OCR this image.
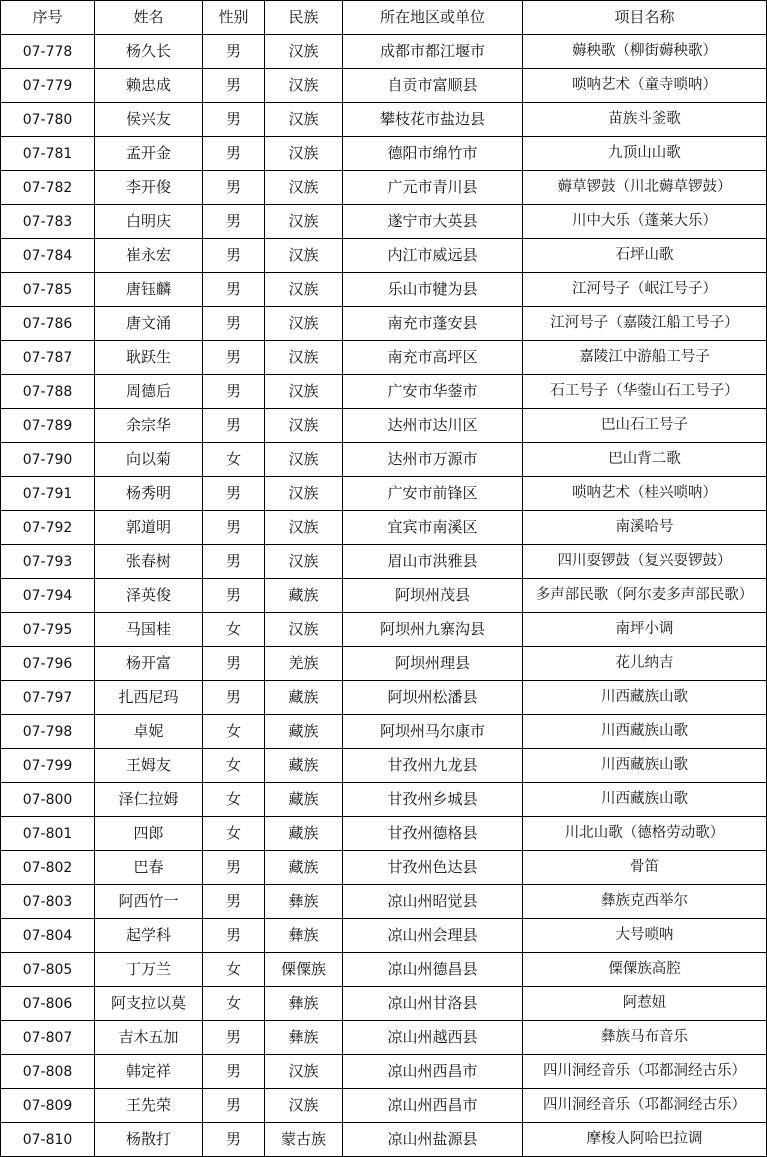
序号	姓名	性别	民族	所在地区或单位	项目名称
07-778	杨久长	男	汉族	成都市都江堰市	薅秧歌（柳街薅秧歌）
07-779	赖忠成	男	汉族	自贡市富顺县	唢呐艺术（童寺唢呐）
07-780	侯兴友	男	汉族	攀枝花市盐边县	苗族斗釜歌
07-781	孟开金	男	汉族	德阳市绵竹市	九顶山山歌
07-782	李开俊	男	汉族	广元市青川县	薅草锣鼓（川北薅草锣鼓）
07-783	白明庆	男	汉族	遂宁市大英县	川中大乐（蓬莱大乐）
07-784	崔永宏	男	汉族	内江市威远县	石坪山歌
07-785	唐钰麟	男	汉族	乐山市犍为县	江河号子（岷江号子）
07-786	唐文涌	男	汉族	南充市蓬安县	江河号子（嘉陵江船工号子）
07-787	耿跃生	男	汉族	南充市高坪区	嘉陵江中游船工号子
07-788	周德后	男	汉族	广安市华蓥市	石工号子（华蓥山石工号子）
07-789	余宗华	男	汉族	达州市达川区	巴山石工号子
07-790	向以菊	女	汉族	达州市万源市	巴山背二歌
07-791	杨秀明	男	汉族	广安市前锋区	唢呐艺术（桂兴唢呐）
07-792	郭道明	男	汉族	宜宾市南溪区	南溪哈号
07-793	张春树	男	汉族	眉山市洪雅县	四川耍锣鼓（复兴耍锣鼓）
07-794	泽英俊	男	藏族	阿坝州茂县	多声部民歌（阿尔麦多声部民歌）
07-795	马国桂	女	汉族	阿坝州九寨沟县	南坪小调
07-796	杨开富	男	羌族	阿坝州理县	花儿纳吉
07-797	扎西尼玛	男	藏族	阿坝州松潘县	川西藏族山歌
07-798	卓妮	女	藏族	阿坝州马尔康市	川西藏族山歌
07-799	王姆友	女	藏族	甘孜州九龙县	川西藏族山歌
07-800	泽仁拉姆	女	藏族	甘孜州乡城县	川西藏族山歌
07-801	四郎	女	藏族	甘孜州德格县	川北山歌（德格劳动歌）
07-802	巴春	男	藏族	甘孜州色达县	骨笛
07-803	阿西竹一	男	彝族	凉山州昭觉县	彝族克西举尔
07-804	起学科	男	彝族	凉山州会理县	大号唢呐
07-805	丁万兰	女	傈僳族	凉山州德昌县	傈僳族高腔
07-806	阿支拉以莫	女	彝族	凉山州甘洛县	阿惹妞
07-807	吉木五加	男	彝族	凉山州越西县	彝族马布音乐
07-808	韩定祥	男	汉族	凉山州西昌市	四川洞经音乐（邛都洞经古乐）
07-809	王先荣	男	汉族	凉山州西昌市	四川洞经音乐（邛都洞经古乐）
07-810	杨散打	男	蒙古族	凉山州盐源县	摩梭人阿哈巴拉调
